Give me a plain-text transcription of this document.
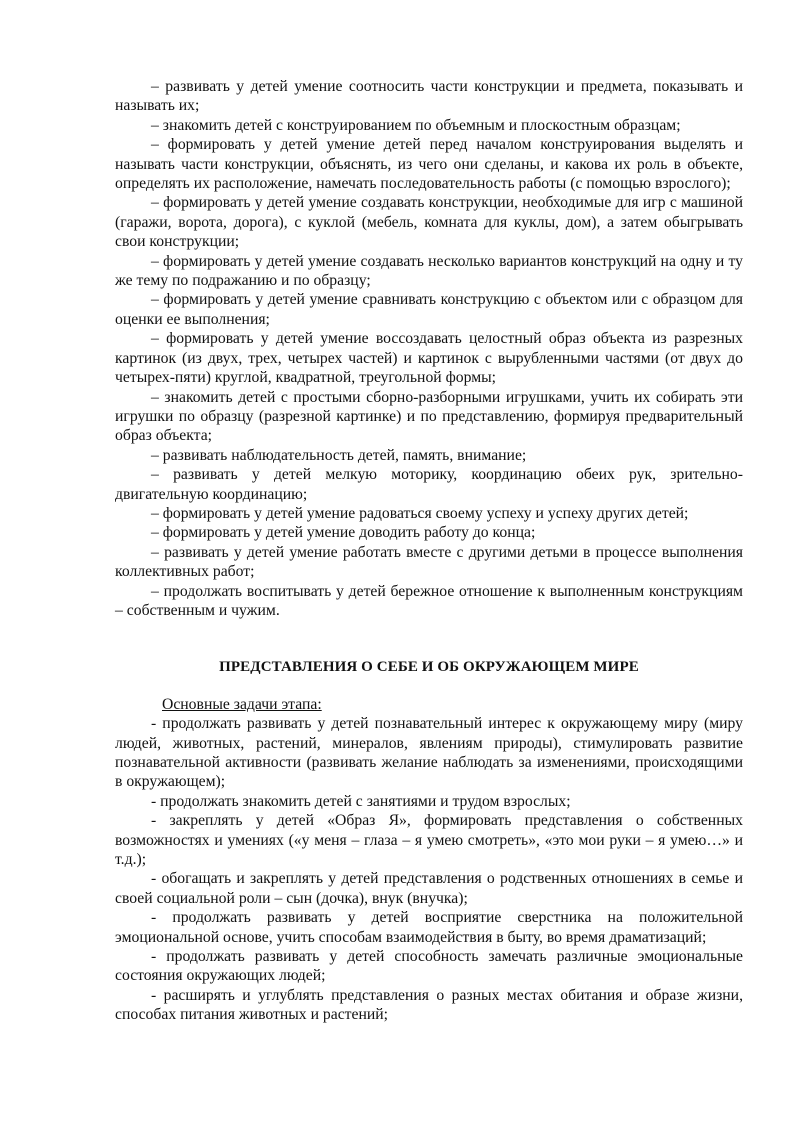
– развивать у детей умение соотносить части конструкции и предмета, показывать и называть их;

– знакомить детей с конструированием по объемным и плоскостным образцам;

– формировать у детей умение детей перед началом конструирования выделять и называть части конструкции, объяснять, из чего они сделаны, и какова их роль в объекте, определять их расположение, намечать последовательность работы (с помощью взрослого);

– формировать у детей умение создавать конструкции, необходимые для игр с машиной (гаражи, ворота, дорога), с куклой (мебель, комната для куклы, дом), а затем обыгрывать свои конструкции;

– формировать у детей умение создавать несколько вариантов конструкций на одну и ту же тему по подражанию и по образцу;

– формировать у детей умение сравнивать конструкцию с объектом или с образцом для оценки ее выполнения;

– формировать у детей умение воссоздавать целостный образ объекта из разрезных картинок (из двух, трех, четырех частей) и картинок с вырубленными частями (от двух до четырех-пяти) круглой, квадратной, треугольной формы;

– знакомить детей с простыми сборно-разборными игрушками, учить их собирать эти игрушки по образцу (разрезной картинке) и по представлению, формируя предварительный образ объекта;

– развивать наблюдательность детей, память, внимание;

– развивать у детей мелкую моторику, координацию обеих рук, зрительно-двигательную координацию;

– формировать у детей умение радоваться своему успеху и успеху других детей;

– формировать у детей умение доводить работу до конца;

– развивать у детей умение работать вместе с другими детьми в процессе выполнения коллективных работ;

– продолжать воспитывать у детей бережное отношение к выполненным конструкциям – собственным и чужим.

ПРЕДСТАВЛЕНИЯ О СЕБЕ И ОБ ОКРУЖАЮЩЕМ МИРЕ
Основные задачи этапа:

- продолжать развивать у детей познавательный интерес к окружающему миру (миру людей, животных, растений, минералов, явлениям природы), стимулировать развитие познавательной активности (развивать желание наблюдать за изменениями, происходящими в окружающем);

- продолжать знакомить детей с занятиями и трудом взрослых;

- закреплять у детей «Образ Я», формировать представления о собственных возможностях и умениях («у меня – глаза – я умею смотреть», «это мои руки – я умею…» и т.д.);

- обогащать и закреплять у детей представления о родственных отношениях в семье и своей социальной роли – сын (дочка), внук (внучка);

- продолжать развивать у детей восприятие сверстника на положительной эмоциональной основе, учить способам взаимодействия в быту, во время драматизаций;

- продолжать развивать у детей способность замечать различные эмоциональные состояния окружающих людей;

- расширять и углублять представления о разных местах обитания и образе жизни, способах питания животных и растений;
